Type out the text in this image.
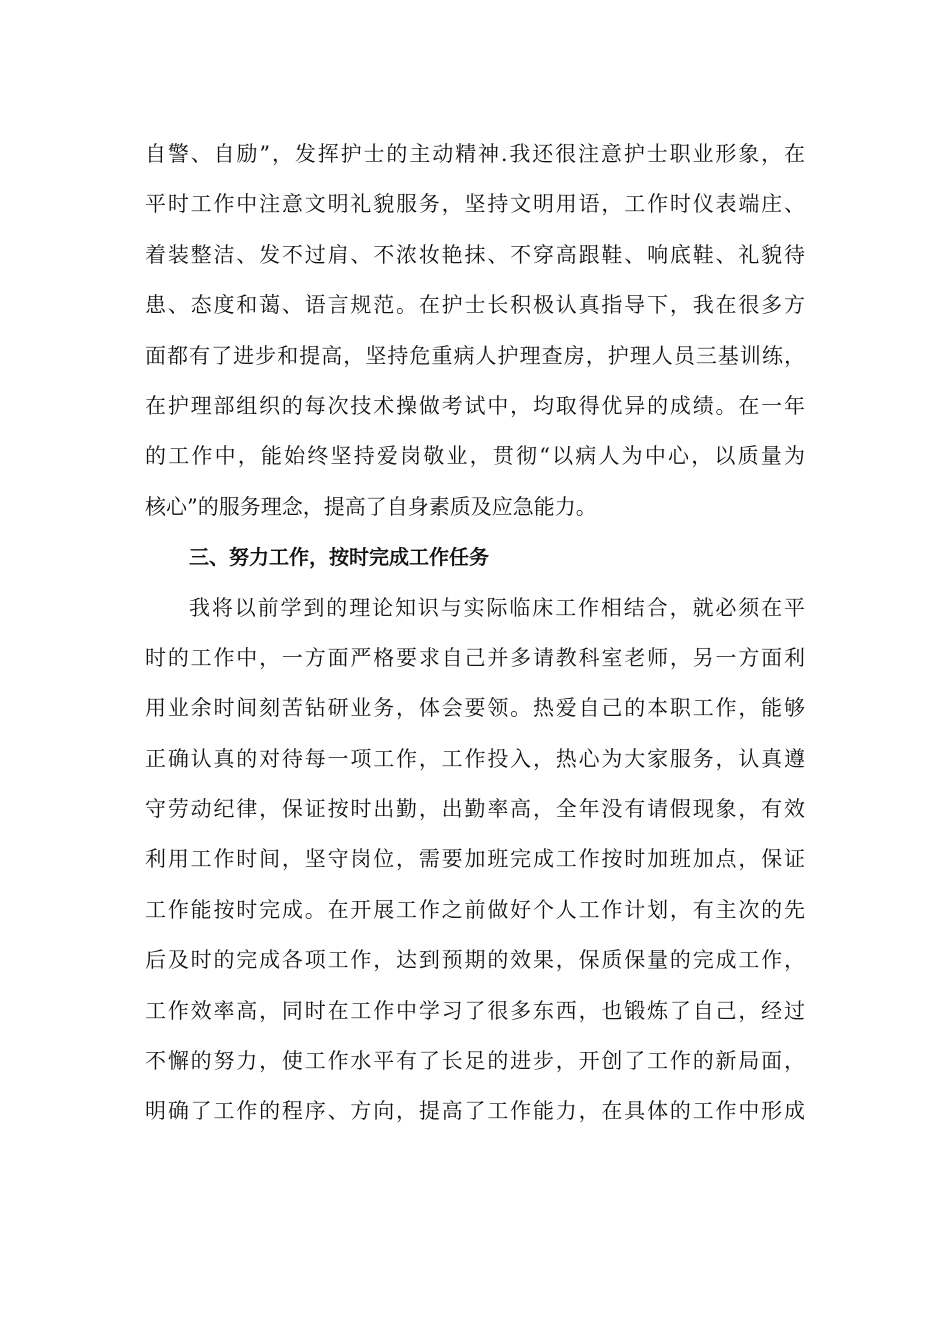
自警、自励”，发挥护士的主动精神.我还很注意护士职业形象，在
平时工作中注意文明礼貌服务，坚持文明用语，工作时仪表端庄、
着装整洁、发不过肩、不浓妆艳抹、不穿高跟鞋、响底鞋、礼貌待
患、态度和蔼、语言规范。在护士长积极认真指导下，我在很多方
面都有了进步和提高，坚持危重病人护理查房，护理人员三基训练，
在护理部组织的每次技术操做考试中，均取得优异的成绩。在一年
的工作中，能始终坚持爱岗敬业，贯彻“以病人为中心，以质量为
核心”的服务理念，提高了自身素质及应急能力。
三、努力工作，按时完成工作任务
我将以前学到的理论知识与实际临床工作相结合，就必须在平
时的工作中，一方面严格要求自己并多请教科室老师，另一方面利
用业余时间刻苦钻研业务，体会要领。热爱自己的本职工作，能够
正确认真的对待每一项工作，工作投入，热心为大家服务，认真遵
守劳动纪律，保证按时出勤，出勤率高，全年没有请假现象，有效
利用工作时间，坚守岗位，需要加班完成工作按时加班加点，保证
工作能按时完成。在开展工作之前做好个人工作计划，有主次的先
后及时的完成各项工作，达到预期的效果，保质保量的完成工作，
工作效率高，同时在工作中学习了很多东西，也锻炼了自己，经过
不懈的努力，使工作水平有了长足的进步，开创了工作的新局面，
明确了工作的程序、方向，提高了工作能力，在具体的工作中形成
